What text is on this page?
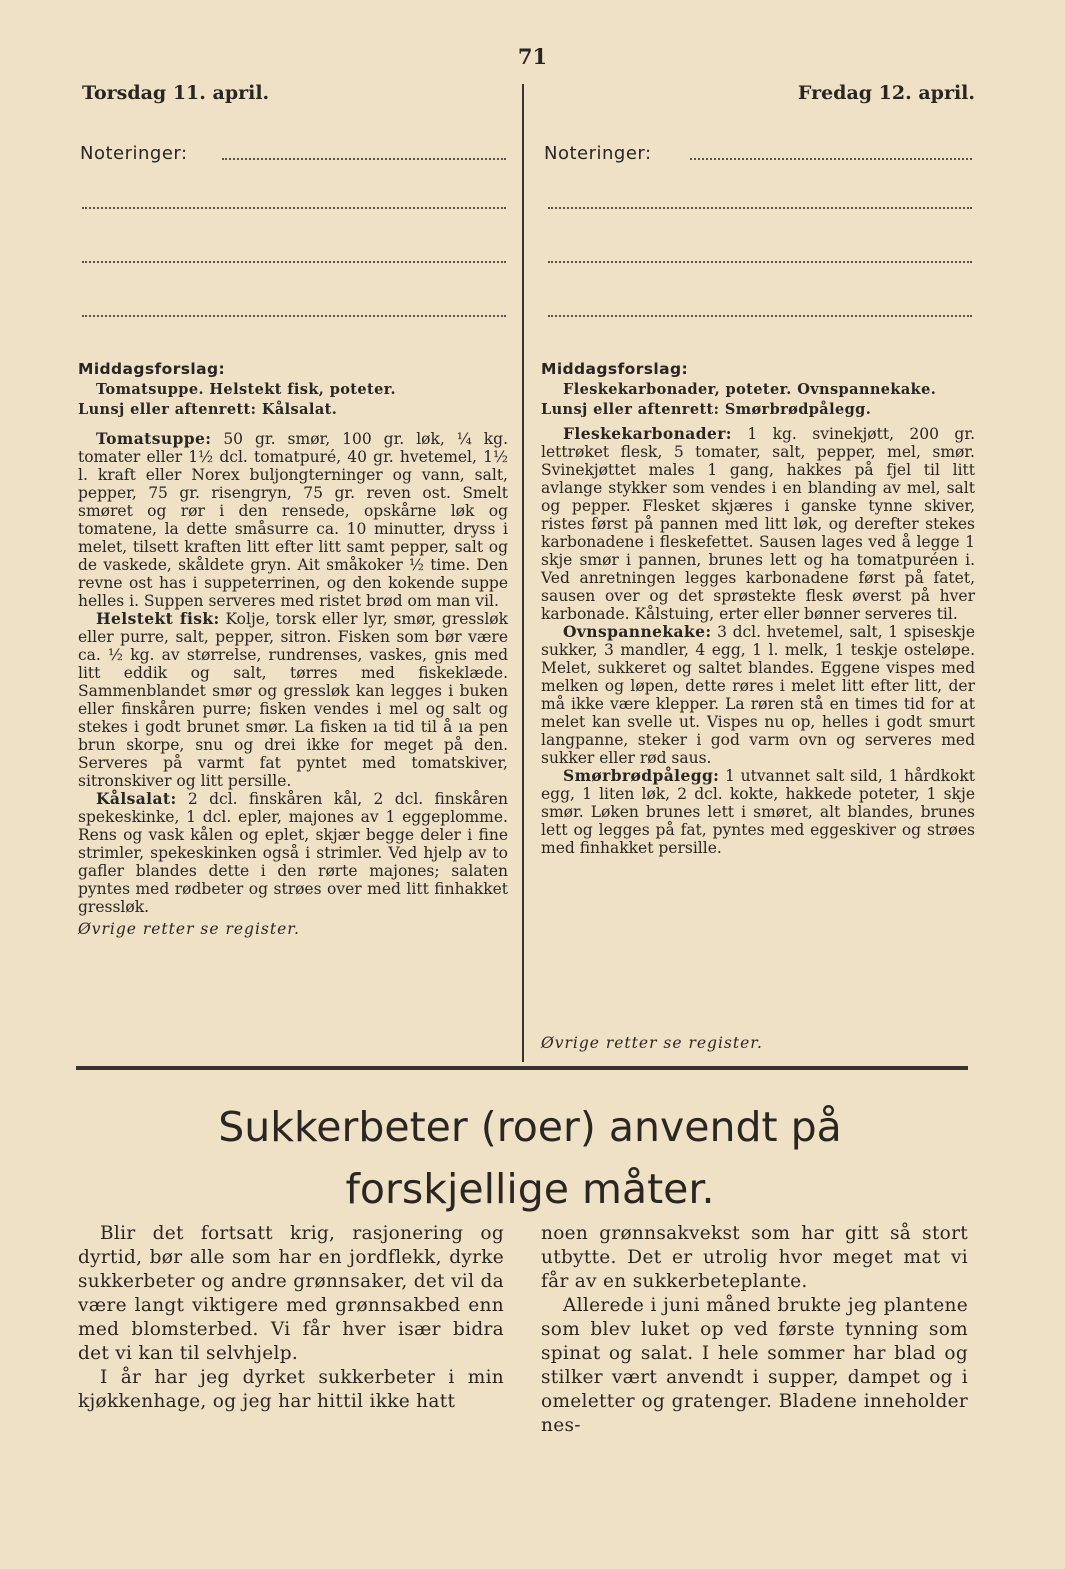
71
Torsdag 11. april.	Fredag 12. april.
Noteringer:	Noteringer:
Middagsforslag:
Tomatsuppe. Helstekt fisk, poteter.
Lunsj eller aftenrett: Kålsalat.
Tomatsuppe: 50 gr. smør, 100 gr. løk, ¼ kg. tomater eller 1½ dcl. tomatpuré, 40 gr. hvetemel, 1½ l. kraft eller Norex buljongterninger og vann, salt, pepper, 75 gr. risengryn, 75 gr. reven ost. Smelt smøret og rør i den rensede, opskårne løk og tomatene, la dette småsurre ca. 10 minutter, dryss i melet, tilsett kraften litt efter litt samt pepper, salt og de vaskede, skåldete gryn. Ait småkoker ½ time. Den revne ost has i suppeterrinen, og den kokende suppe helles i. Suppen serveres med ristet brød om man vil.
Helstekt fisk: Kolje, torsk eller lyr, smør, gressløk eller purre, salt, pepper, sitron. Fisken som bør være ca. ½ kg. av størrelse, rundrenses, vaskes, gnis med litt eddik og salt, tørres med fiskeklæde. Sammenblandet smør og gressløk kan legges i buken eller finskåren purre; fisken vendes i mel og salt og stekes i godt brunet smør. La fisken ıa tid til å ıa pen brun skorpe, snu og drei ikke for meget på den. Serveres på varmt fat pyntet med tomatskiver, sitronskiver og litt persille.
Kålsalat: 2 dcl. finskåren kål, 2 dcl. finskåren spekeskinke, 1 dcl. epler, majones av 1 eggeplomme. Rens og vask kålen og eplet, skjær begge deler i fine strimler, spekeskinken også i strimler. Ved hjelp av to gafler blandes dette i den rørte majones; salaten pyntes med rødbeter og strøes over med litt finhakket gressløk.
Øvrige retter se register.
Middagsforslag:
Fleskekarbonader, poteter. Ovnspannekake.
Lunsj eller aftenrett: Smørbrødpålegg.
Fleskekarbonader: 1 kg. svinekjøtt, 200 gr. lettrøket flesk, 5 tomater, salt, pepper, mel, smør. Svinekjøttet males 1 gang, hakkes på fjel til litt avlange stykker som vendes i en blanding av mel, salt og pepper. Flesket skjæres i ganske tynne skiver, ristes først på pannen med litt løk, og derefter stekes karbonadene i fleskefettet. Sausen lages ved å legge 1 skje smør i pannen, brunes lett og ha tomatpuréen i. Ved anretningen legges karbonadene først på fatet, sausen over og det sprøstekte flesk øverst på hver karbonade. Kålstuing, erter eller bønner serveres til.
Ovnspannekake: 3 dcl. hvetemel, salt, 1 spiseskje sukker, 3 mandler, 4 egg, 1 l. melk, 1 teskje osteløpe. Melet, sukkeret og saltet blandes. Eggene vispes med melken og løpen, dette røres i melet litt efter litt, der må ikke være klepper. La røren stå en times tid for at melet kan svelle ut. Vispes nu op, helles i godt smurt langpanne, steker i god varm ovn og serveres med sukker eller rød saus.
Smørbrødpålegg: 1 utvannet salt sild, 1 hårdkokt egg, 1 liten løk, 2 dcl. kokte, hakkede poteter, 1 skje smør. Løken brunes lett i smøret, alt blandes, brunes lett og legges på fat, pyntes med eggeskiver og strøes med finhakket persille.
Øvrige retter se register.
Sukkerbeter (roer) anvendt på
forskjellige måter.

Blir det fortsatt krig, rasjonering og dyrtid, bør alle som har en jordflekk, dyrke sukkerbeter og andre grønnsaker, det vil da være langt viktigere med grønnsakbed enn med blomsterbed. Vi får hver især bidra det vi kan til selvhjelp.

I år har jeg dyrket sukkerbeter i min kjøkkenhage, og jeg har hittil ikke hatt

noen grønnsakvekst som har gitt så stort utbytte. Det er utrolig hvor meget mat vi får av en sukkerbeteplante.

Allerede i juni måned brukte jeg plantene som blev luket op ved første tynning som spinat og salat. I hele sommer har blad og stilker vært anvendt i supper, dampet og i omeletter og gratenger. Bladene inneholder nes-
